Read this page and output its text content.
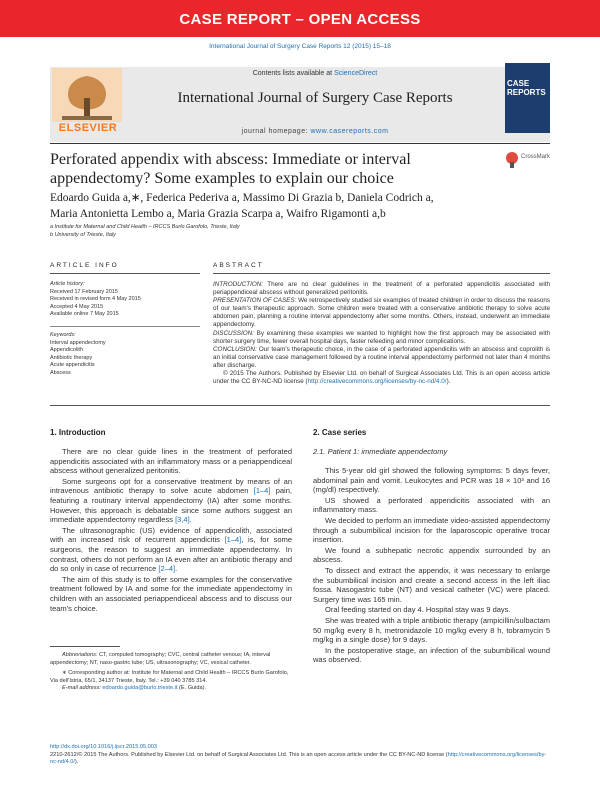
CASE REPORT – OPEN ACCESS
International Journal of Surgery Case Reports 12 (2015) 15–18
ELSEVIER
Contents lists available at ScienceDirect
International Journal of Surgery Case Reports
journal homepage: www.casereports.com
CASE REPORTS
Perforated appendix with abscess: Immediate or interval appendectomy? Some examples to explain our choice
CrossMark
Edoardo Guida a,∗, Federica Pederiva a, Massimo Di Grazia b, Daniela Codrich a,
Maria Antonietta Lembo a, Maria Grazia Scarpa a, Waifro Rigamonti a,b
a Institute for Maternal and Child Health – IRCCS Burlo Garofolo, Trieste, Italy
b University of Trieste, Italy
ARTICLE INFO	ABSTRACT
Article history:
Received 17 February 2015
Received in revised form 4 May 2015
Accepted 4 May 2015
Available online 7 May 2015
Keywords:
Interval appendectomy
Appendicolith
Antibiotic therapy
Acute appendicitis
Abscess

INTRODUCTION: There are no clear guidelines in the treatment of a perforated appendicitis associated with periappendiceal abscess without generalized peritonitis.

PRESENTATION OF CASES: We retrospectively studied six examples of treated children in order to discuss the reasons of our team's therapeutic approach. Some children were treated with a conservative antibiotic therapy to solve acute abdomen pain, planning a routine interval appendectomy after some months. Others, instead, underwent an immediate appendectomy.

DISCUSSION: By examining these examples we wanted to highlight how the first approach may be associated with shorter surgery time, fewer overall hospital days, faster refeeding and minor complications.

CONCLUSION: Our team's therapeutic choice, in the case of a perforated appendicitis with an abscess and coprolith is an initial conservative case management followed by a routine interval appendectomy performed not later than 4 months after discharge.

© 2015 The Authors. Published by Elsevier Ltd. on behalf of Surgical Associates Ltd. This is an open access article under the CC BY-NC-ND license (http://creativecommons.org/licenses/by-nc-nd/4.0/).

1. Introduction

There are no clear guide lines in the treatment of perforated appendicitis associated with an inflammatory mass or a periappendiceal abscess without generalized peritonitis.

Some surgeons opt for a conservative treatment by means of an intravenous antibiotic therapy to solve acute abdomen [1–4] pain, featuring a routinary interval appendectomy (IA) after some months. However, this approach is debatable since some authors suggest an immediate appendectomy regardless [3,4].

The ultrasonographic (US) evidence of appendicolith, associated with an increased risk of recurrent appendicitis [1–4], is, for some surgeons, the reason to suggest an immediate appendectomy. In contrast, others do not perform an IA even after an antibiotic therapy and do so only in case of recurrence [2–4].

The aim of this study is to offer some examples for the conservative treatment followed by IA and some for the immediate appendectomy in children with an associated periappendiceal abscess and to discuss our team's choice.

Abbreviations: CT, computed tomography; CVC, central catheter venous; IA, interval appendectomy; NT, naso-gastric tube; US, ultrasonography; VC, vesical catheter.
∗ Corresponding author at: Institute for Maternal and Child Health – IRCCS Burlo Garofolo, Via dell'Istria, 65/1, 34137 Trieste, Italy. Tel.: +39 040 3785 314.
E-mail address: edoardo.guida@burlo.trieste.it (E. Guida).
2. Case series
2.1. Patient 1: immediate appendectomy

This 5-year old girl showed the following symptoms: 5 days fever, abdominal pain and vomit. Leukocytes and PCR was 18 × 10³ and 16 (mg/dl) respectively.

US showed a perforated appendicitis associated with an inflammatory mass.

We decided to perform an immediate video-assisted appendectomy through a subumbilical incision for the laparoscopic operative trocar insertion.

We found a subhepatic necrotic appendix surrounded by an abscess.

To dissect and extract the appendix, it was necessary to enlarge the subumbilical incision and create a second access in the left iliac fossa. Nasogastric tube (NT) and vesical catheter (VC) were placed. Surgery time was 165 min.

Oral feeding started on day 4. Hospital stay was 9 days.

She was treated with a triple antibiotic therapy (ampicillin/sulbactam 50 mg/kg every 8 h, metronidazole 10 mg/kg every 8 h, tobramycin 5 mg/kg in a single dose) for 9 days.

In the postoperative stage, an infection of the subumbilical wound was observed.

http://dx.doi.org/10.1016/j.ijscr.2015.05.003
2210-2612/© 2015 The Authors. Published by Elsevier Ltd. on behalf of Surgical Associates Ltd. This is an open access article under the CC BY-NC-ND license (http://creativecommons.org/licenses/by-nc-nd/4.0/).
